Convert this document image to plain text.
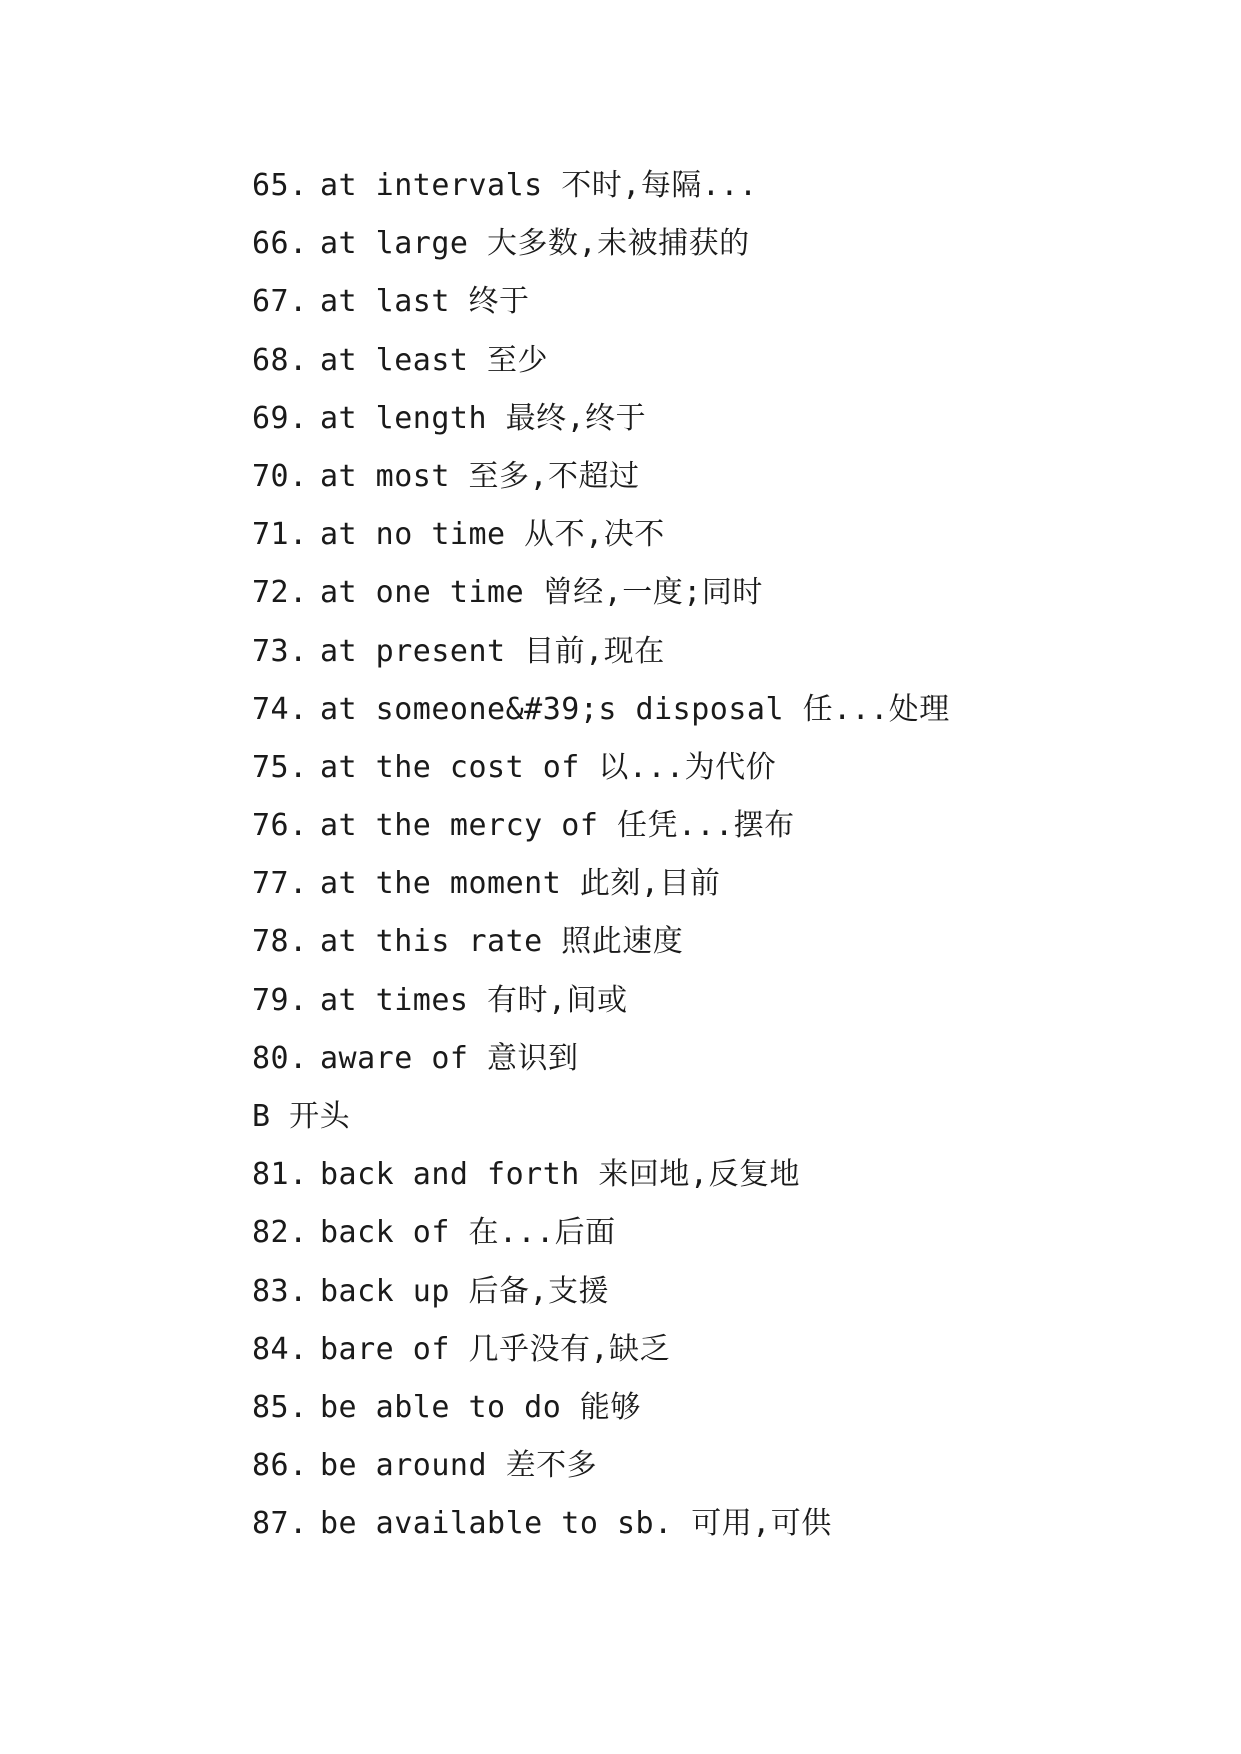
65. at intervals 不时,每隔...
66. at large 大多数,未被捕获的
67. at last 终于
68. at least 至少
69. at length 最终,终于
70. at most 至多,不超过
71. at no time 从不,决不
72. at one time 曾经,一度;同时
73. at present 目前,现在
74. at someone&#39;s disposal 任...处理
75. at the cost of 以...为代价
76. at the mercy of 任凭...摆布
77. at the moment 此刻,目前
78. at this rate 照此速度
79. at times 有时,间或
80. aware of 意识到
B 开头
81. back and forth 来回地,反复地
82. back of 在...后面
83. back up 后备,支援
84. bare of 几乎没有,缺乏
85. be able to do 能够
86. be around 差不多
87. be available to sb. 可用,可供
